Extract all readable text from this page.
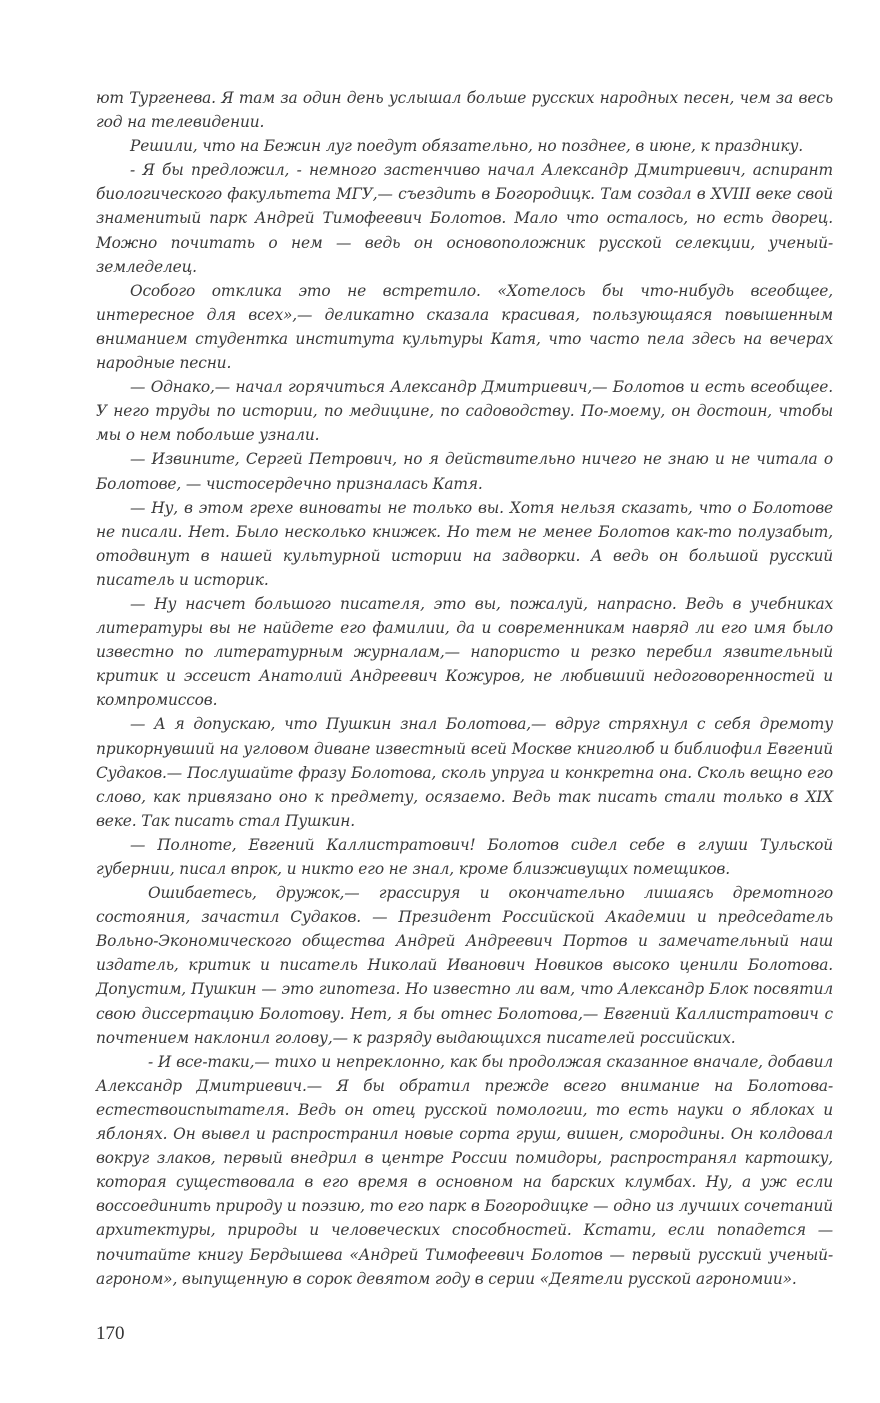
ют Тургенева. Я там за один день услышал больше русских народных песен, чем за весь год на телевидении.

Решили, что на Бежин луг поедут обязательно, но позднее, в июне, к празднику.

- Я бы предложил, - немного застенчиво начал Александр Дмитриевич, аспирант биологического факультета МГУ,— съездить в Богородицк. Там создал в XVIII веке свой знаменитый парк Андрей Тимофеевич Болотов. Мало что осталось, но есть дворец. Можно почитать о нем — ведь он основоположник русской селекции, ученый-земледелец.

Особого отклика это не встретило. «Хотелось бы что-нибудь всеобщее, интересное для всех»,— деликатно сказала красивая, пользующаяся повышенным вниманием студентка института культуры Катя, что часто пела здесь на вечерах народные песни.

— Однако,— начал горячиться Александр Дмитриевич,— Болотов и есть всеобщее. У него труды по истории, по медицине, по садоводству. По-моему, он достоин, чтобы мы о нем побольше узнали.

— Извините, Сергей Петрович, но я действительно ничего не знаю и не читала о Болотове, — чистосердечно призналась Катя.

— Ну, в этом грехе виноваты не только вы. Хотя нельзя сказать, что о Болотове не писали. Нет. Было несколько книжек. Но тем не менее Болотов как-то полузабыт, отодвинут в нашей культурной истории на задворки. А ведь он большой русский писатель и историк.

— Ну насчет большого писателя, это вы, пожалуй, напрасно. Ведь в учебниках литературы вы не найдете его фамилии, да и современникам навряд ли его имя было известно по литературным журналам,— напористо и резко перебил язвительный критик и эссеист Анатолий Андреевич Кожуров, не любивший недоговоренностей и компромиссов.

— А я допускаю, что Пушкин знал Болотова,— вдруг стряхнул с себя дремоту прикорнувший на угловом диване известный всей Москве книголюб и библиофил Евгений Судаков.— Послушайте фразу Болотова, сколь упруга и конкретна она. Сколь вещно его слово, как привязано оно к предмету, осязаемо. Ведь так писать стали только в XIX веке. Так писать стал Пушкин.

— Полноте, Евгений Каллистратович! Болотов сидел себе в глуши Тульской губернии, писал впрок, и никто его не знал, кроме близживущих помещиков.

Ошибаетесь, дружок,— грассируя и окончательно лишаясь дремотного состояния, зачастил Судаков. — Президент Российской Академии и председатель Вольно-Экономического общества Андрей Андреевич Портов и замечательный наш издатель, критик и писатель Николай Иванович Новиков высоко ценили Болотова. Допустим, Пушкин — это гипотеза. Но известно ли вам, что Александр Блок посвятил свою диссертацию Болотову. Нет, я бы отнес Болотова,— Евгений Каллистратович с почтением наклонил голову,— к разряду выдающихся писателей российских.

- И все-таки,— тихо и непреклонно, как бы продолжая сказанное вначале, добавил Александр Дмитриевич.— Я бы обратил прежде всего внимание на Болотова-естествоиспытателя. Ведь он отец русской помологии, то есть науки о яблоках и яблонях. Он вывел и распространил новые сорта груш, вишен, смородины. Он колдовал вокруг злаков, первый внедрил в центре России помидоры, распространял картошку, которая существовала в его время в основном на барских клумбах. Ну, а уж если воссоединить природу и поэзию, то его парк в Богородицке — одно из лучших сочетаний архитектуры, природы и человеческих способностей. Кстати, если попадется — почитайте книгу Бердышева «Андрей Тимофеевич Болотов — первый русский ученый-агроном», выпущенную в сорок девятом году в серии «Деятели русской агрономии».

170
